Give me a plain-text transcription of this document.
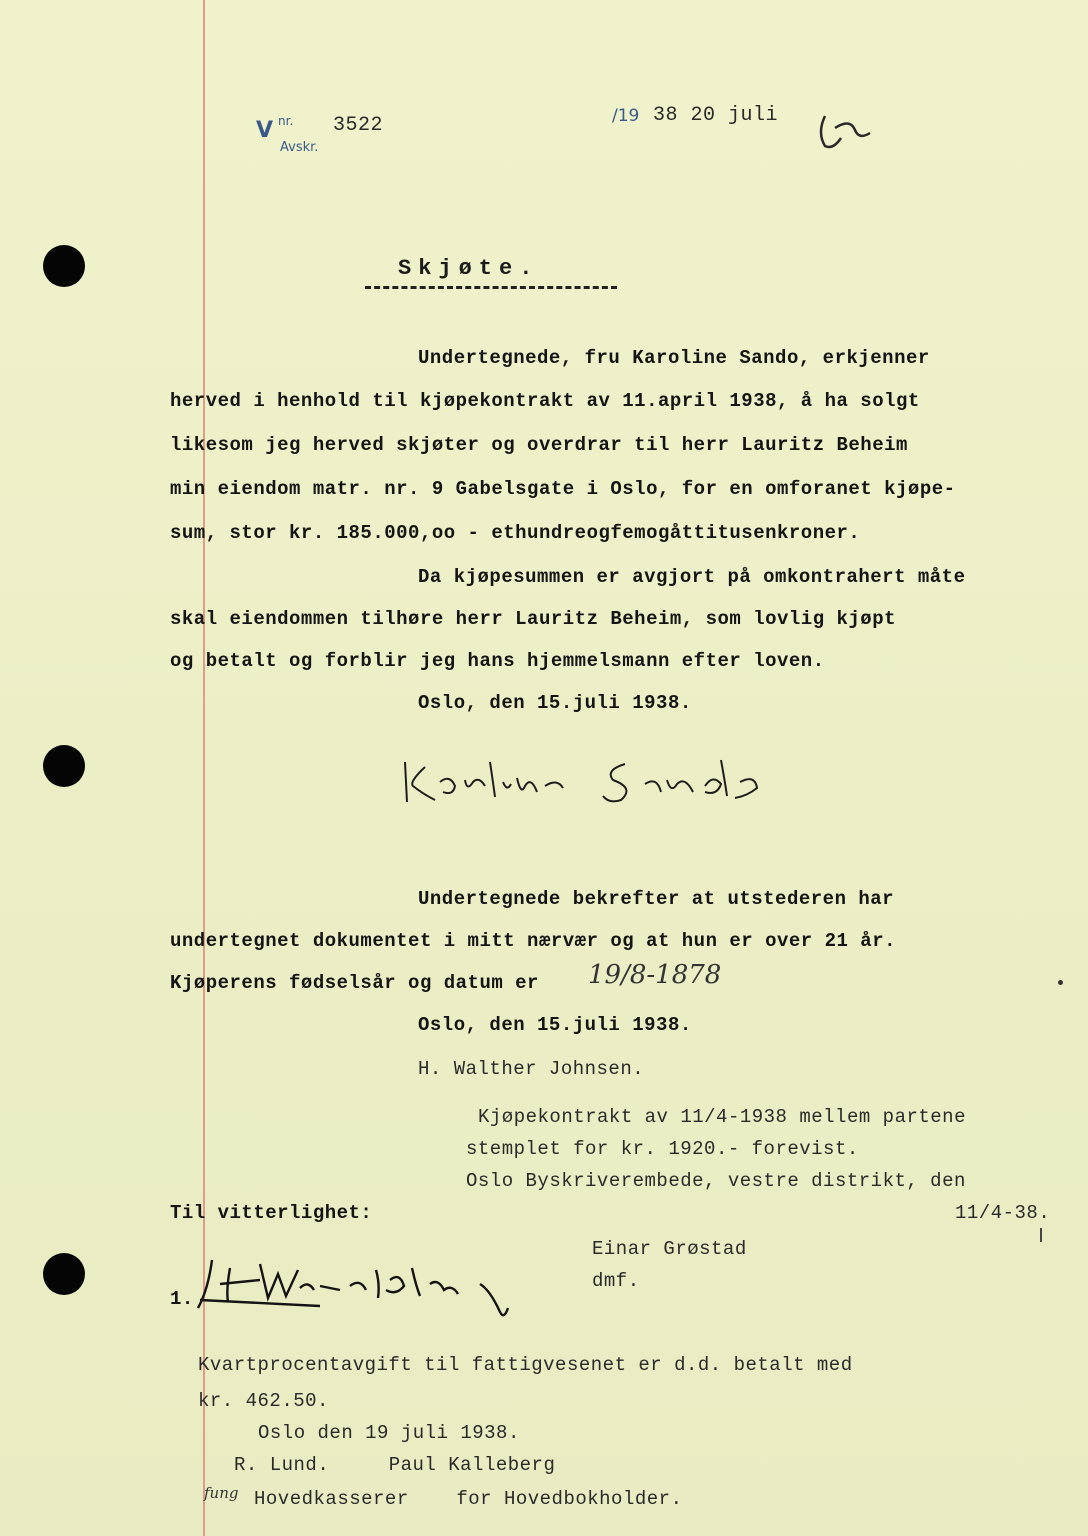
V nr.
Avskr.
3522	/19 38 20 juli
Skjøte.
Undertegnede, fru Karoline Sando, erkjenner
herved i henhold til kjøpekontrakt av 11.april 1938, å ha solgt
likesom jeg herved skjøter og overdrar til herr Lauritz Beheim
min eiendom matr. nr. 9 Gabelsgate i Oslo, for en omforanet kjøpe-
sum, stor kr. 185.000,oo - ethundreogfemogåttitusenkroner.
Da kjøpesummen er avgjort på omkontrahert måte
skal eiendommen tilhøre herr Lauritz Beheim, som lovlig kjøpt
og betalt og forblir jeg hans hjemmelsmann efter loven.
Oslo, den 15.juli 1938.
Undertegnede bekrefter at utstederen har
undertegnet dokumentet i mitt nærvær og at hun er over 21 år.
Kjøperens fødselsår og datum er 19/8-1878
Oslo, den 15.juli 1938.
H. Walther Johnsen.
Kjøpekontrakt av 11/4-1938 mellem partene
stemplet for kr. 1920.- forevist.
Oslo Byskriverembede, vestre distrikt, den
11/4-38.
Til vitterlighet:
Einar Grøstad
dmf.
1.
Kvartprocentavgift til fattigvesenet er d.d. betalt med
kr. 462.50.
Oslo den 19 juli 1938.
R. Lund.     Paul Kalleberg
Hovedkasserer    for Hovedbokholder.
fung
